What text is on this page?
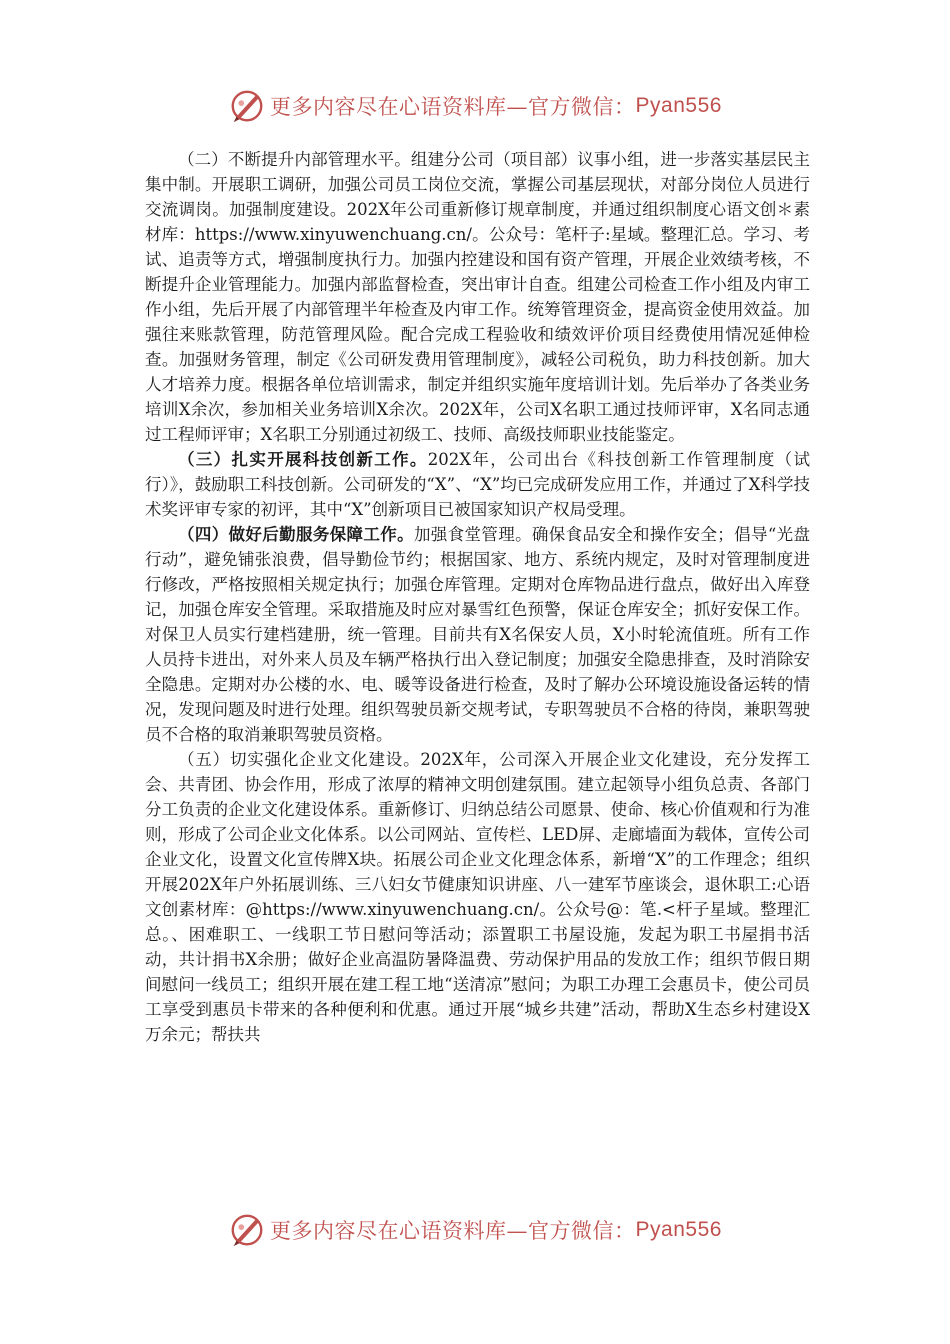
更多内容尽在心语资料库—官方微信： Pyan556

（二）不断提升内部管理水平。组建分公司（项目部）议事小组，进一步落实基层民主集中制。开展职工调研，加强公司员工岗位交流，掌握公司基层现状，对部分岗位人员进行交流调岗。加强制度建设。202X年公司重新修订规章制度，并通过组织制度心语文创＊素材库：https://www.xinyuwenchuang.cn/。公众号：笔杆子:星域。整理汇总。学习、考试、追责等方式，增强制度执行力。加强内控建设和国有资产管理，开展企业效绩考核，不断提升企业管理能力。加强内部监督检查，突出审计自查。组建公司检查工作小组及内审工作小组，先后开展了内部管理半年检查及内审工作。统筹管理资金，提高资金使用效益。加强往来账款管理，防范管理风险。配合完成工程验收和绩效评价项目经费使用情况延伸检查。加强财务管理，制定《公司研发费用管理制度》，减轻公司税负，助力科技创新。加大人才培养力度。根据各单位培训需求，制定并组织实施年度培训计划。先后举办了各类业务培训X余次，参加相关业务培训X余次。202X年，公司X名职工通过技师评审，X名同志通过工程师评审；X名职工分别通过初级工、技师、高级技师职业技能鉴定。

（三）扎实开展科技创新工作。202X年，公司出台《科技创新工作管理制度（试行）》，鼓励职工科技创新。公司研发的“X”、“X”均已完成研发应用工作，并通过了X科学技术奖评审专家的初评，其中“X”创新项目已被国家知识产权局受理。

（四）做好后勤服务保障工作。加强食堂管理。确保食品安全和操作安全；倡导“光盘行动”，避免铺张浪费，倡导勤俭节约；根据国家、地方、系统内规定，及时对管理制度进行修改，严格按照相关规定执行；加强仓库管理。定期对仓库物品进行盘点，做好出入库登记，加强仓库安全管理。采取措施及时应对暴雪红色预警，保证仓库安全；抓好安保工作。对保卫人员实行建档建册，统一管理。目前共有X名保安人员，X小时轮流值班。所有工作人员持卡进出，对外来人员及车辆严格执行出入登记制度；加强安全隐患排查，及时消除安全隐患。定期对办公楼的水、电、暖等设备进行检查，及时了解办公环境设施设备运转的情况，发现问题及时进行处理。组织驾驶员新交规考试，专职驾驶员不合格的待岗，兼职驾驶员不合格的取消兼职驾驶员资格。

（五）切实强化企业文化建设。202X年，公司深入开展企业文化建设，充分发挥工会、共青团、协会作用，形成了浓厚的精神文明创建氛围。建立起领导小组负总责、各部门分工负责的企业文化建设体系。重新修订、归纳总结公司愿景、使命、核心价值观和行为准则，形成了公司企业文化体系。以公司网站、宣传栏、LED屏、走廊墙面为载体，宣传公司企业文化，设置文化宣传牌X块。拓展公司企业文化理念体系，新增“X”的工作理念；组织开展202X年户外拓展训练、三八妇女节健康知识讲座、八一建军节座谈会，退休职工:心语文创素材库：@https://www.xinyuwenchuang.cn/。公众号@：笔.<杆子星域。整理汇总。、困难职工、一线职工节日慰问等活动；添置职工书屋设施，发起为职工书屋捐书活动，共计捐书X余册；做好企业高温防暑降温费、劳动保护用品的发放工作；组织节假日期间慰问一线员工；组织开展在建工程工地“送清凉”慰问；为职工办理工会惠员卡，使公司员工享受到惠员卡带来的各种便利和优惠。通过开展“城乡共建”活动，帮助X生态乡村建设X万余元；帮扶共

更多内容尽在心语资料库—官方微信： Pyan556
